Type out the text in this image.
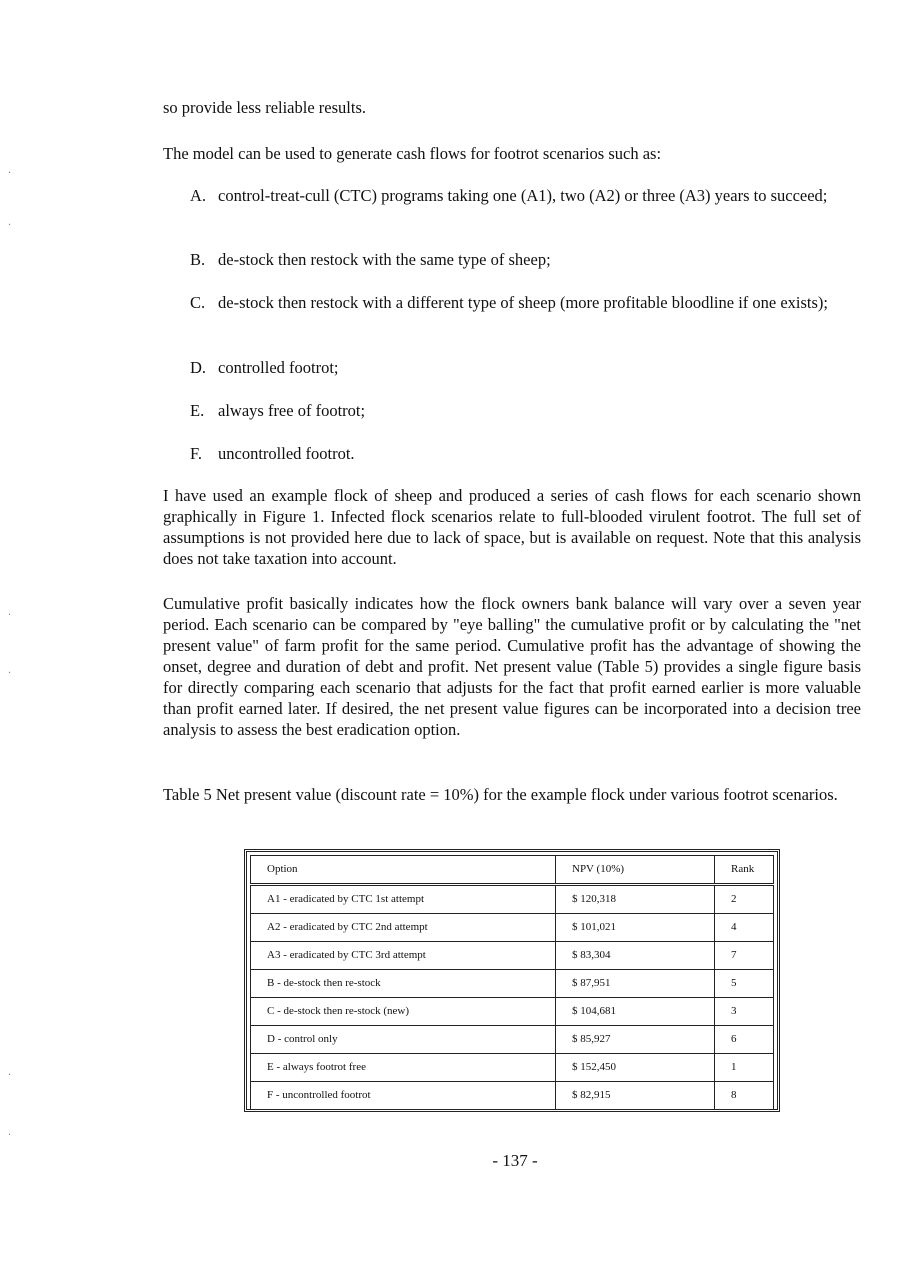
so provide less reliable results.
The model can be used to generate cash flows for footrot scenarios such as:
A. control-treat-cull (CTC) programs taking one (A1), two (A2) or three (A3) years to succeed;
B. de-stock then restock with the same type of sheep;
C. de-stock then restock with a different type of sheep (more profitable bloodline if one exists);
D. controlled footrot;
E. always free of footrot;
F. uncontrolled footrot.
I have used an example flock of sheep and produced a series of cash flows for each scenario shown graphically in Figure 1. Infected flock scenarios relate to full-blooded virulent footrot. The full set of assumptions is not provided here due to lack of space, but is available on request. Note that this analysis does not take taxation into account.
Cumulative profit basically indicates how the flock owners bank balance will vary over a seven year period. Each scenario can be compared by "eye balling" the cumulative profit or by calculating the "net present value" of farm profit for the same period. Cumulative profit has the advantage of showing the onset, degree and duration of debt and profit. Net present value (Table 5) provides a single figure basis for directly comparing each scenario that adjusts for the fact that profit earned earlier is more valuable than profit earned later. If desired, the net present value figures can be incorporated into a decision tree analysis to assess the best eradication option.
Table 5 Net present value (discount rate = 10%) for the example flock under various footrot scenarios.
Option	NPV (10%)	Rank
A1 - eradicated by CTC 1st attempt	$ 120,318	2
A2 - eradicated by CTC 2nd attempt	$ 101,021	4
A3 - eradicated by CTC 3rd attempt	$ 83,304	7
B - de-stock then re-stock	$ 87,951	5
C - de-stock then re-stock (new)	$ 104,681	3
D - control only	$ 85,927	6
E - always footrot free	$ 152,450	1
F - uncontrolled footrot	$ 82,915	8
- 137 -
·
·
·
·
·
·
